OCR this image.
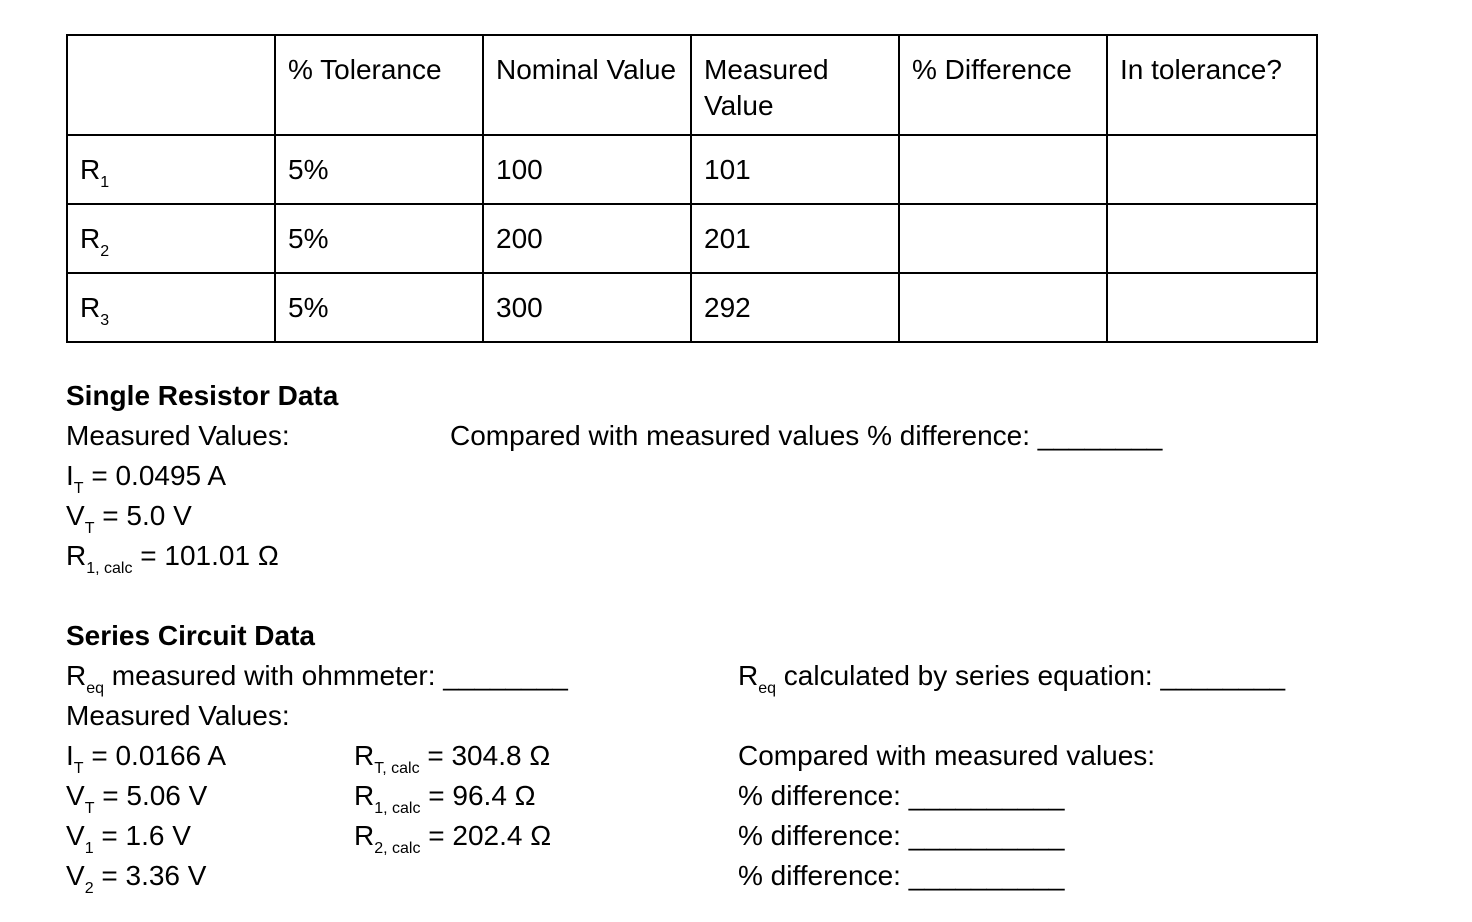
	% Tolerance	Nominal Value	Measured Value	% Difference	In tolerance?
$R_1$	5%	100	101		
$R_2$	5%	200	201		
$R_3$	5%	300	292		
Single Resistor Data
Measured Values:	Compared with measured values % difference: ________
$I_T = 0.0495$ A
$V_T = 5.0$ V
$R_{1, calc} = 101.01$ Ω
Series Circuit Data
$R_{eq}$ measured with ohmmeter: ________	$R_{eq}$ calculated by series equation: ________
Measured Values:
$I_T = 0.0166$ A
$V_T = 5.06$ V
$V_1 = 1.6$ V
$V_2 = 3.36$ V
$R_{T, calc} = 304.8$ Ω
$R_{1, calc} = 96.4$ Ω
$R_{2, calc} = 202.4$ Ω
Compared with measured values:
% difference: __________
% difference: __________
% difference: __________
